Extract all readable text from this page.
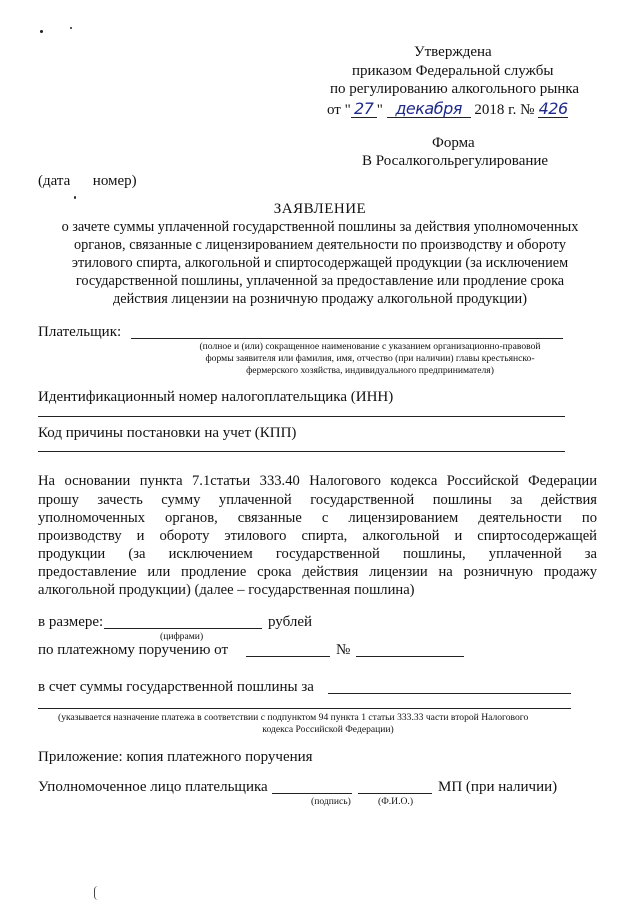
Утверждена
приказом Федеральной службы
по регулированию алкогольного рынка
от " 27 " декабря 2018 г. № 426
Форма
В Росалкогольрегулирование
(дата      номер)
ЗАЯВЛЕНИЕ
о зачете суммы уплаченной государственной пошлины за действия уполномоченных
органов, связанные с лицензированием деятельности по производству и обороту
этилового спирта, алкогольной и спиртосодержащей продукции (за исключением
государственной пошлины, уплаченной за предоставление или продление срока
действия лицензии на розничную продажу алкогольной продукции)
Плательщик:
(полное и (или) сокращенное наименование с указанием организационно-правовой
формы заявителя или фамилия, имя, отчество (при наличии) главы крестьянско-
фермерского хозяйства, индивидуального предпринимателя)
Идентификационный номер налогоплательщика (ИНН)
Код причины постановки на учет (КПП)
На основании пункта 7.1статьи 333.40 Налогового кодекса Российской Федерации
прошу зачесть сумму уплаченной государственной пошлины за действия
уполномоченных органов, связанные с лицензированием деятельности по
производству и обороту этилового спирта, алкогольной и спиртосодержащей
продукции (за исключением государственной пошлины, уплаченной за
предоставление или продление срока действия лицензии на розничную продажу
алкогольной продукции) (далее – государственная пошлина)
в размере:	рублей
(цифрами)
по платежному поручению от	№
в счет суммы государственной пошлины за
(указывается назначение платежа в соответствии с подпунктом 94 пункта 1 статьи 333.33 части второй Налогового
кодекса Российской Федерации)
Приложение: копия платежного поручения
Уполномоченное лицо плательщика	МП (при наличии)
(подпись)	(Ф.И.О.)
